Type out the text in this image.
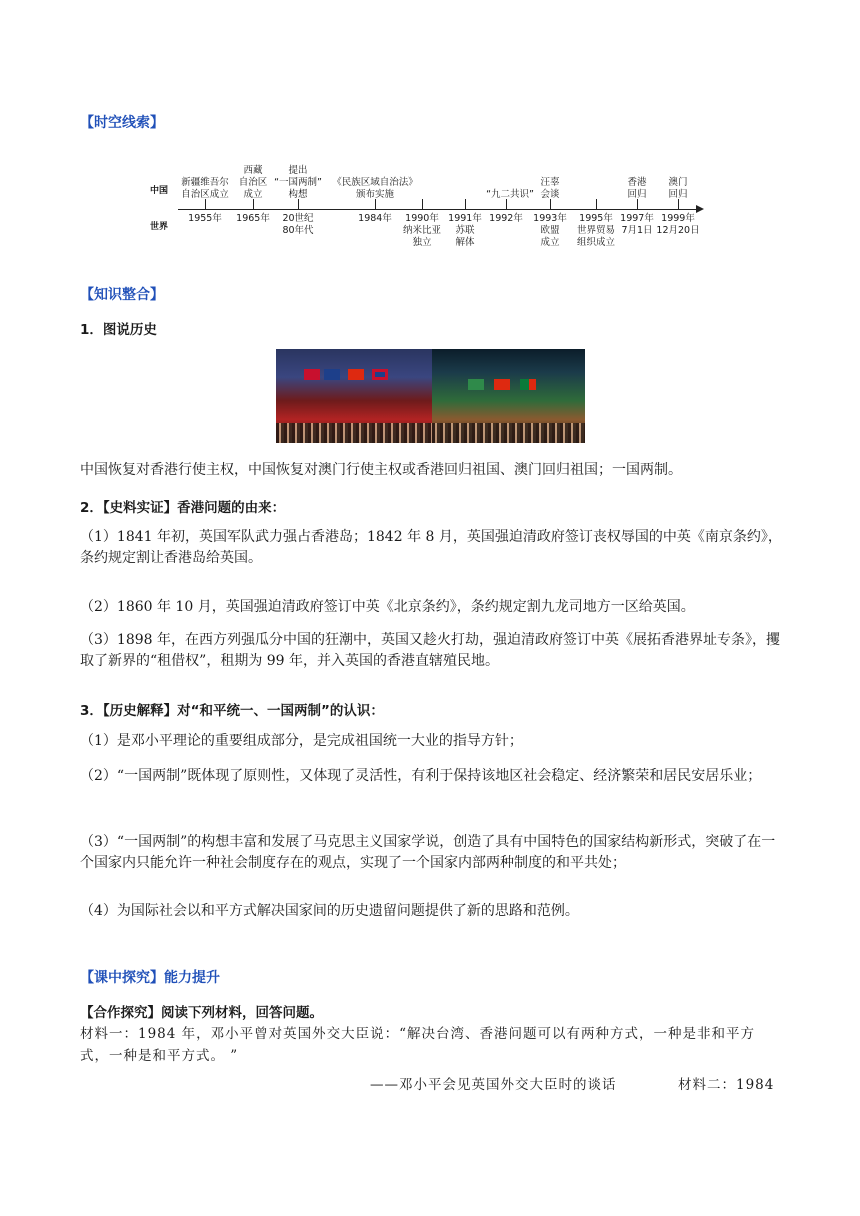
【时空线索】
中国
世界
新疆维吾尔
自治区成立
西藏
自治区
成立
提出
“一国两制”
构想
《民族区域自治法》
颁布实施	“九二共识”
汪辜
会谈
香港
回归
澳门
回归
1955年 1965年 20世纪
80年代
1984年 1990年
纳米比亚
独立
1991年
苏联
解体
1992年 1993年
欧盟
成立
1995年
世界贸易
组织成立
1997年
7月1日
1999年
12月20日
【知识整合】
1．图说历史
中国恢复对香港行使主权，中国恢复对澳门行使主权或香港回归祖国、澳门回归祖国；一国两制。
2．【史料实证】香港问题的由来：
（1）1841 年初，英国军队武力强占香港岛；1842 年 8 月，英国强迫清政府签订丧权辱国的中英《南京条约》，条约规定割让香港岛给英国。
（2）1860 年 10 月，英国强迫清政府签订中英《北京条约》，条约规定割九龙司地方一区给英国。
（3）1898 年，在西方列强瓜分中国的狂潮中，英国又趁火打劫，强迫清政府签订中英《展拓香港界址专条》，攫取了新界的“租借权”，租期为 99 年，并入英国的香港直辖殖民地。
3．【历史解释】对“和平统一、一国两制”的认识：
（1）是邓小平理论的重要组成部分，是完成祖国统一大业的指导方针；
（2）“一国两制”既体现了原则性，又体现了灵活性，有利于保持该地区社会稳定、经济繁荣和居民安居乐业；
（3）“一国两制”的构想丰富和发展了马克思主义国家学说，创造了具有中国特色的国家结构新形式，突破了在一个国家内只能允许一种社会制度存在的观点，实现了一个国家内部两种制度的和平共处；
（4）为国际社会以和平方式解决国家间的历史遗留问题提供了新的思路和范例。
【课中探究】能力提升
【合作探究】阅读下列材料，回答问题。
材料一：1984 年，邓小平曾对英国外交大臣说：“解决台湾、香港问题可以有两种方式，一种是非和平方式，一种是和平方式。 ”
——邓小平会见英国外交大臣时的谈话	材料二：1984
